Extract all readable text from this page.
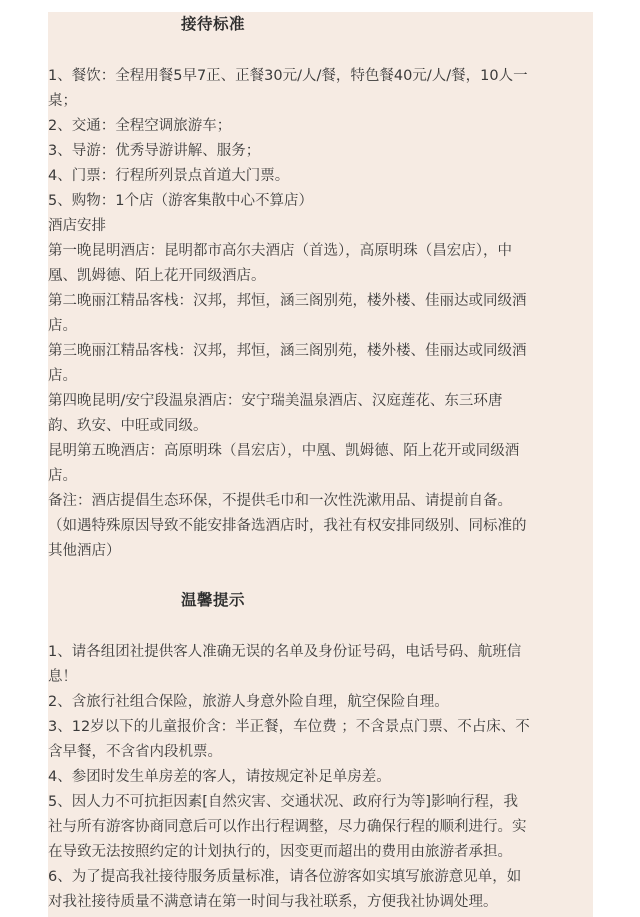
接待标准
1、餐饮：全程用餐5早7正、正餐30元/人/餐，特色餐40元/人/餐，10人一
桌；
2、交通：全程空调旅游车；
3、导游：优秀导游讲解、服务；
4、门票：行程所列景点首道大门票。
5、购物：1个店（游客集散中心不算店）
酒店安排
第一晚昆明酒店：昆明都市高尔夫酒店（首选），高原明珠（昌宏店），中
凰、凯姆德、陌上花开同级酒店。
第二晚丽江精品客栈：汉邦，邦恒，涵三阁别苑，楼外楼、佳丽达或同级酒
店。
第三晚丽江精品客栈：汉邦，邦恒，涵三阁别苑，楼外楼、佳丽达或同级酒
店。
第四晚昆明/安宁段温泉酒店：安宁瑞美温泉酒店、汉庭莲花、东三环唐
韵、玖安、中旺或同级。
昆明第五晚酒店：高原明珠（昌宏店），中凰、凯姆德、陌上花开或同级酒
店。
备注：酒店提倡生态环保，不提供毛巾和一次性洗漱用品、请提前自备。
（如遇特殊原因导致不能安排备选酒店时，我社有权安排同级别、同标准的
其他酒店）
温馨提示
1、请各组团社提供客人准确无误的名单及身份证号码，电话号码、航班信
息！
2、含旅行社组合保险，旅游人身意外险自理，航空保险自理。
3、12岁以下的儿童报价含：半正餐，车位费 ；不含景点门票、不占床、不
含早餐，不含省内段机票。
4、参团时发生单房差的客人，请按规定补足单房差。
5、因人力不可抗拒因素[自然灾害、交通状况、政府行为等]影响行程，我
社与所有游客协商同意后可以作出行程调整，尽力确保行程的顺利进行。实
在导致无法按照约定的计划执行的，因变更而超出的费用由旅游者承担。
6、为了提高我社接待服务质量标准，请各位游客如实填写旅游意见单，如
对我社接待质量不满意请在第一时间与我社联系，方便我社协调处理。
